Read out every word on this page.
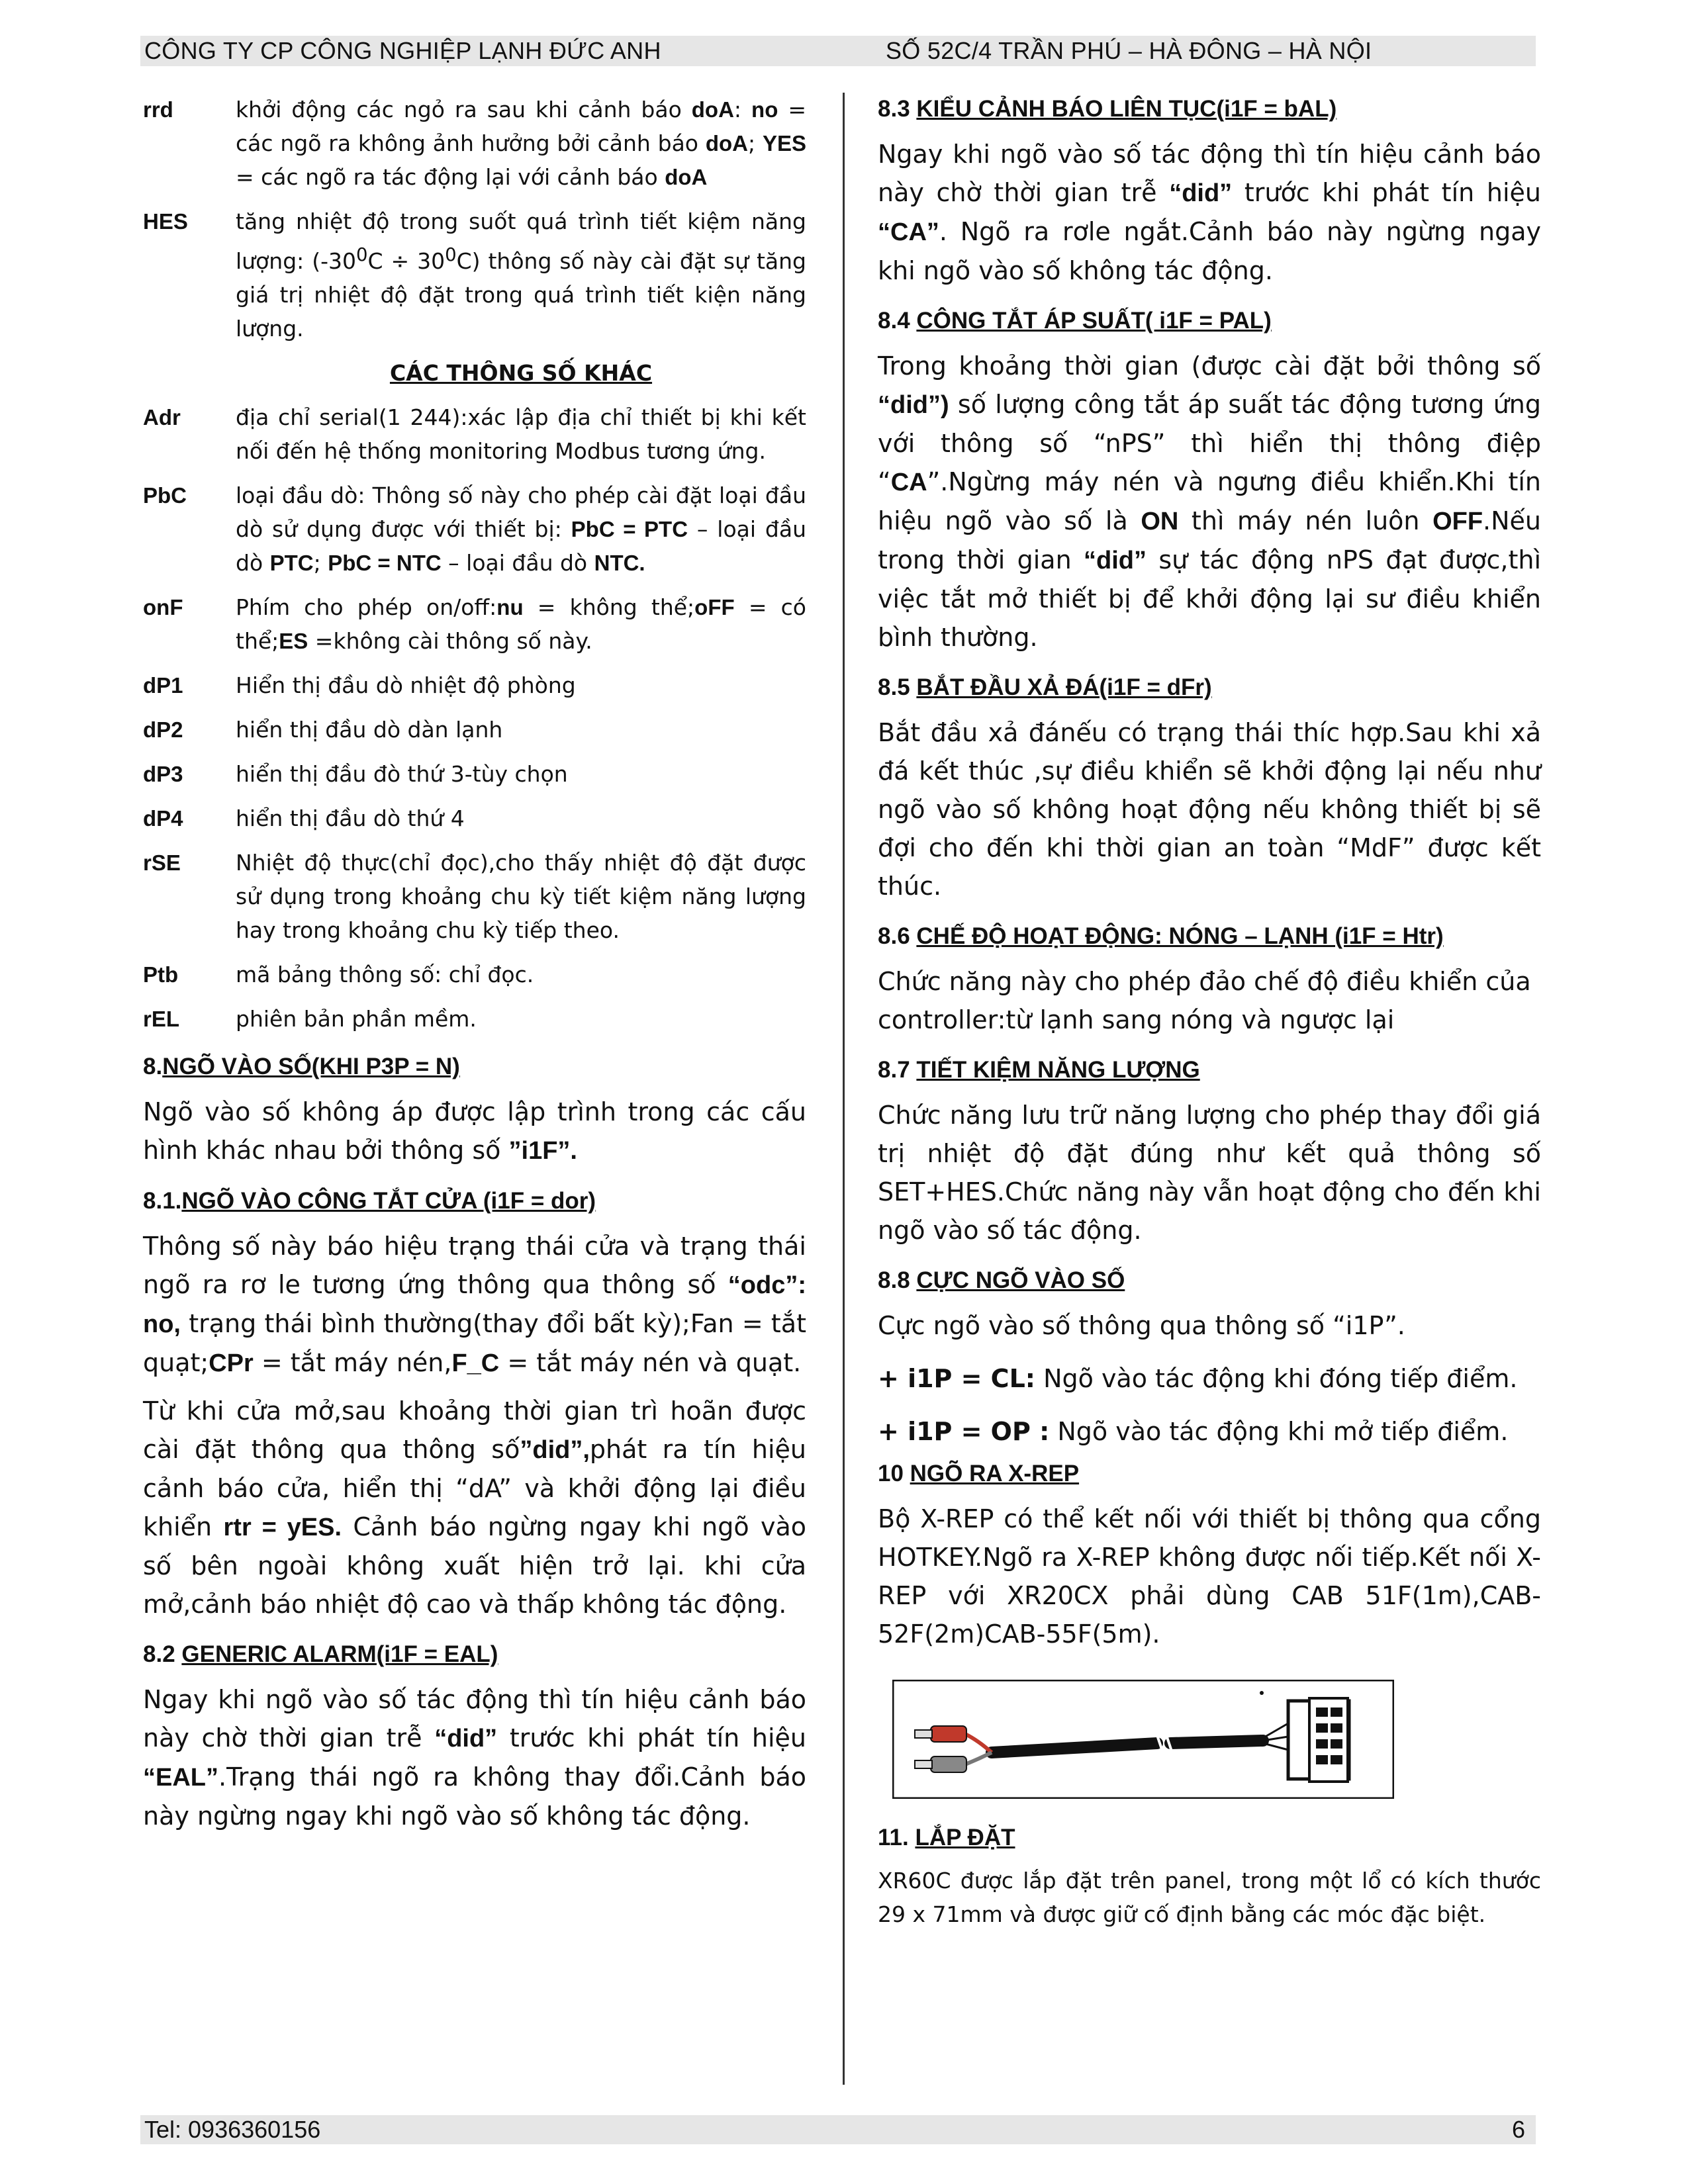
CÔNG TY CP CÔNG NGHIỆP LẠNH ĐỨC ANH	SỐ 52C/4 TRẦN PHÚ – HÀ ĐÔNG – HÀ NỘI
rrd	khởi động các ngỏ ra sau khi cảnh báo doA: no = các ngõ ra không ảnh hưởng bởi cảnh báo doA; YES = các ngõ ra tác động lại với cảnh báo doA
HES	tăng nhiệt độ trong suốt quá trình tiết kiệm năng lượng: $(-30^0C \div 30^0C)$ thông số này cài đặt sự tăng giá trị nhiệt độ đặt trong quá trình tiết kiện năng lượng.
CÁC THÔNG SỐ KHÁC
Adr	địa chỉ serial(1 244):xác lập địa chỉ thiết bị khi kết nối đến hệ thống monitoring Modbus tương ứng.
PbC	loại đầu dò: Thông số này cho phép cài đặt loại đầu dò sử dụng được với thiết bị: PbC = PTC – loại đầu dò PTC; PbC = NTC – loại đầu dò NTC.
onF	Phím cho phép on/off:nu = không thể;oFF = có thể;ES =không cài thông số này.
dP1	Hiển thị đầu dò nhiệt độ phòng
dP2	hiển thị đầu dò dàn lạnh
dP3	hiển thị đầu đò thứ 3-tùy chọn
dP4	hiển thị đầu dò thứ 4
rSE	Nhiệt độ thực(chỉ đọc),cho thấy nhiệt độ đặt được sử dụng trong khoảng chu kỳ tiết kiệm năng lượng hay trong khoảng chu kỳ tiếp theo.
Ptb	mã bảng thông số: chỉ đọc.
rEL	phiên bản phần mềm.
8.NGÕ VÀO SỐ(KHI P3P = N)
Ngõ vào số không áp được lập trình trong các cấu hình khác nhau bởi thông số ”i1F”.
8.1.NGÕ VÀO CÔNG TẮT CỬA (i1F = dor)
Thông số này báo hiệu trạng thái cửa và trạng thái ngõ ra rơ le tương ứng thông qua thông số “odc”: no, trạng thái bình thường(thay đổi bất kỳ);Fan = tắt quạt;CPr = tắt máy nén,F_C = tắt máy nén và quạt.
Từ khi cửa mở,sau khoảng thời gian trì hoãn được cài đặt thông qua thông số”did”,phát ra tín hiệu cảnh báo cửa, hiển thị “dA” và khởi động lại điều khiển rtr = yES. Cảnh báo ngừng ngay khi ngõ vào số bên ngoài không xuất hiện trở lại. khi cửa mở,cảnh báo nhiệt độ cao và thấp không tác động.
8.2 GENERIC ALARM(i1F = EAL)
Ngay khi ngõ vào số tác động thì tín hiệu cảnh báo này chờ thời gian trễ “did” trước khi phát tín hiệu “EAL”.Trạng thái ngõ ra không thay đổi.Cảnh báo này ngừng ngay khi ngõ vào số không tác động.
8.3 KIỂU CẢNH BÁO LIÊN TỤC(i1F = bAL)
Ngay khi ngõ vào số tác động thì tín hiệu cảnh báo này chờ thời gian trễ “did” trước khi phát tín hiệu “CA”. Ngõ ra rơle ngắt.Cảnh báo này ngừng ngay khi ngõ vào số không tác động.
8.4 CÔNG TẮT ÁP SUẤT( i1F = PAL)
Trong khoảng thời gian (được cài đặt bởi thông số “did”) số lượng công tắt áp suất tác động tương ứng với thông số “nPS” thì hiển thị thông điệp “CA”.Ngừng máy nén và ngưng điều khiển.Khi tín hiệu ngõ vào số là ON thì máy nén luôn OFF.Nếu trong thời gian “did” sự tác động nPS đạt được,thì việc tắt mở thiết bị để khởi động lại sư điều khiển bình thường.
8.5 BẮT ĐẦU XẢ ĐÁ(i1F = dFr)
Bắt đầu xả đánếu có trạng thái thíc hợp.Sau khi xả đá kết thúc ,sự điều khiển sẽ khởi động lại nếu như ngõ vào số không hoạt động nếu không thiết bị sẽ đợi cho đến khi thời gian an toàn “MdF” được kết thúc.
8.6 CHẾ ĐỘ HOẠT ĐỘNG: NÓNG – LẠNH (i1F = Htr)
Chức năng này cho phép đảo chế độ điều khiển của controller:từ lạnh sang nóng và ngược lại
8.7 TIẾT KIỆM NĂNG LƯỢNG
Chức năng lưu trữ năng lượng cho phép thay đổi giá trị nhiệt độ đặt đúng như kết quả thông số SET+HES.Chức năng này vẫn hoạt động cho đến khi ngõ vào số tác động.
8.8 CỰC NGÕ VÀO SỐ
Cực ngõ vào số thông qua thông số “i1P”.
+ i1P = CL: Ngõ vào tác động khi đóng tiếp điểm.
+ i1P = OP : Ngõ vào tác động khi mở tiếp điểm.
10 NGÕ RA X-REP
Bộ X-REP có thể kết nối với thiết bị thông qua cổng HOTKEY.Ngõ ra X-REP không được nối tiếp.Kết nối X-REP với XR20CX phải dùng CAB 51F(1m),CAB-52F(2m)CAB-55F(5m).
11. LẮP ĐẶT
XR60C được lắp đặt trên panel, trong một lổ có kích thước 29 x 71mm và được giữ cố định bằng các móc đặc biệt.
Tel: 0936360156	6
